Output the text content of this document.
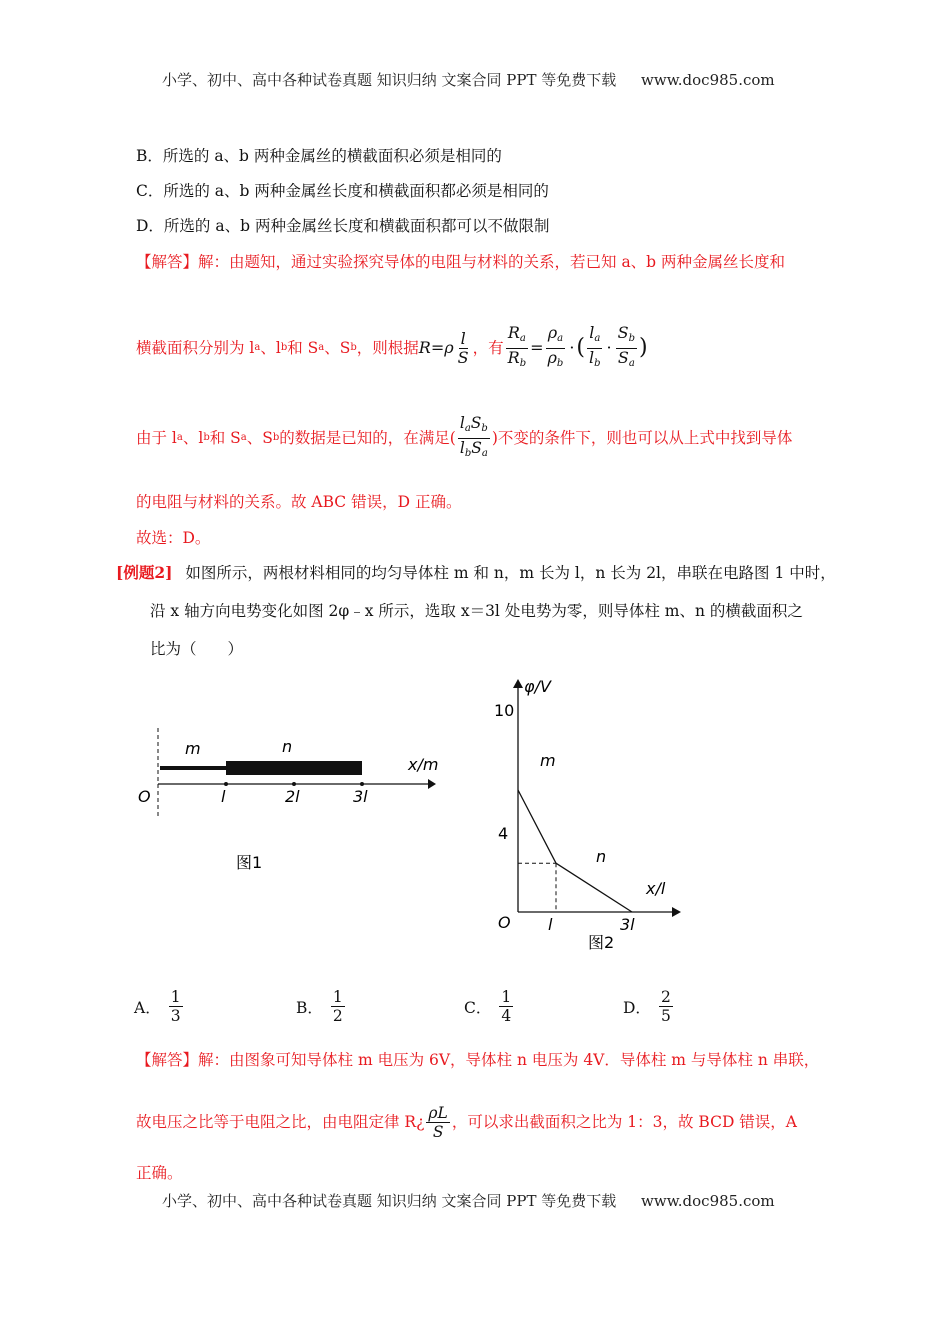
小学、初中、高中各种试卷真题 知识归纳 文案合同 PPT 等免费下载 www.doc985.com
B．所选的 a、b 两种金属丝的横截面积必须是相同的
C．所选的 a、b 两种金属丝长度和横截面积都必须是相同的
D．所选的 a、b 两种金属丝长度和横截面积都可以不做限制
【解答】解：由题知，通过实验探究导体的电阻与材料的关系，若已知 a、b 两种金属丝长度和
横截面积分别为 l a 、l b 和 S a 、S b ，则根据 R = ρ $\frac{l}{S}$ ，有 $\frac{R_a}{R_b} = \frac{\rho_a}{\rho_b}$ · ( $\frac{l_a}{l_b} \cdot \frac{S_b}{S_a}$ )
由于 l a 、l b 和 S a 、S b 的数据是已知的，在满足( $\frac{l_aS_b}{l_bS_a}$ )不变的条件下，则也可以从上式中找到导体
的电阻与材料的关系。故 ABC 错误，D 正确。
故选：D。
[例题2] 如图所示，两根材料相同的均匀导体柱 m 和 n，m 长为 l，n 长为 2l，串联在电路图 1 中时，
沿 x 轴方向电势变化如图 2φ﹣x 所示，选取 x＝3l 处电势为零，则导体柱 m、n 的横截面积之
比为（　　）
m	n
x/m
O	l	2l	3l
图1
φ/V
10
4
m
n
x/l
O l	3l
图2
A． $\frac{1}{3}$	B． $\frac{1}{2}$	C． $\frac{1}{4}$	D． $\frac{2}{5}$
【解答】解：由图象可知导体柱 m 电压为 6V，导体柱 n 电压为 4V．导体柱 m 与导体柱 n 串联，
故电压之比等于电阻之比，由电阻定律 R¿ $\frac{\rho L}{S}$ ，可以求出截面积之比为 1：3，故 BCD 错误，A
正确。
小学、初中、高中各种试卷真题 知识归纳 文案合同 PPT 等免费下载 www.doc985.com
